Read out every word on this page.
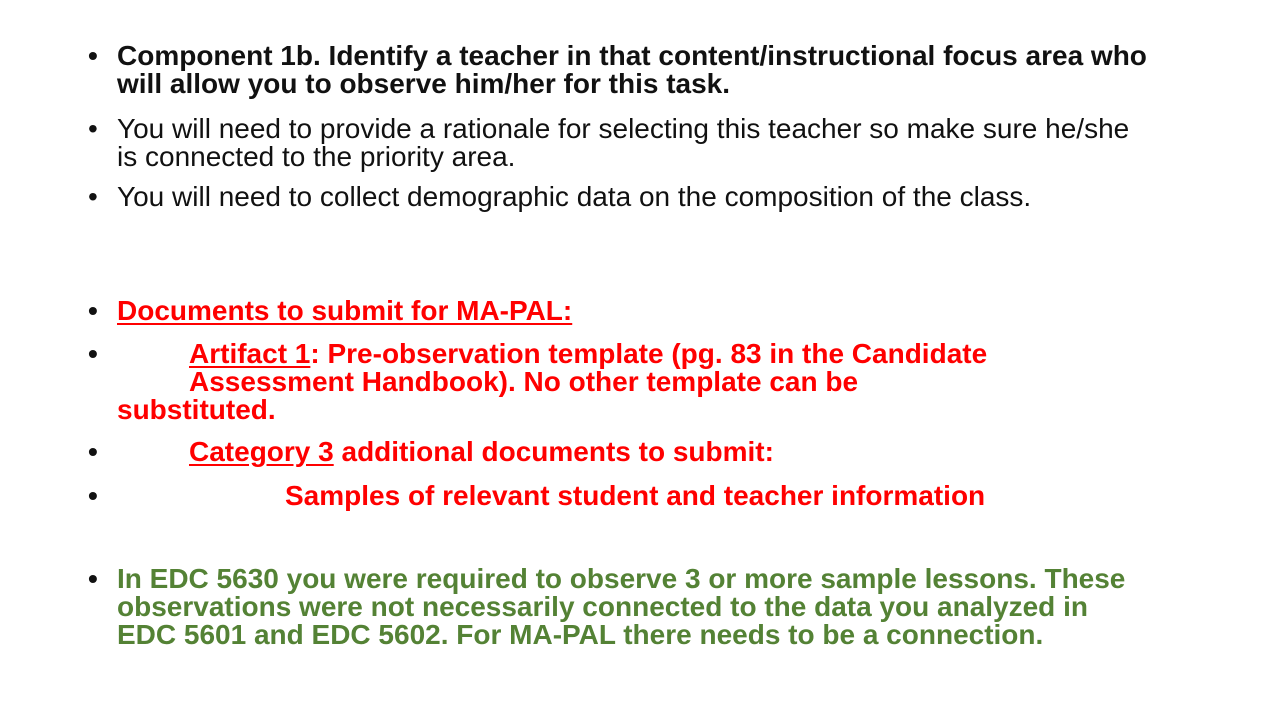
• Component 1b. Identify a teacher in that content/instructional focus area who will allow you to observe him/her for this task.
• You will need to provide a rationale for selecting this teacher so make sure he/she is connected to the priority area.
• You will need to collect demographic data on the composition of the class.
• Documents to submit for MA-PAL:
•	Artifact 1: Pre-observation template (pg. 83 in the Candidate
Assessment Handbook). No other template can be
substituted.
•	Category 3 additional documents to submit:
•	Samples of relevant student and teacher information
• In EDC 5630 you were required to observe 3 or more sample lessons. These observations were not necessarily connected to the data you analyzed in EDC 5601 and EDC 5602. For MA-PAL there needs to be a connection.
